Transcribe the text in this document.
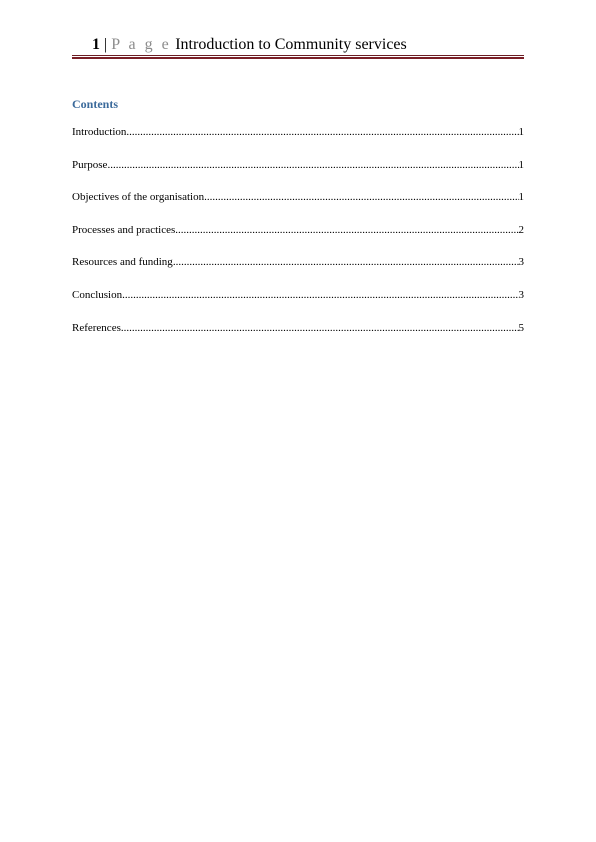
1 | P a g e Introduction to Community services
Contents
Introduction .....	1
Purpose .....	1
Objectives of the organisation .....	1
Processes and practices .....	2
Resources and funding .....	3
Conclusion .....	3
References .....	5
